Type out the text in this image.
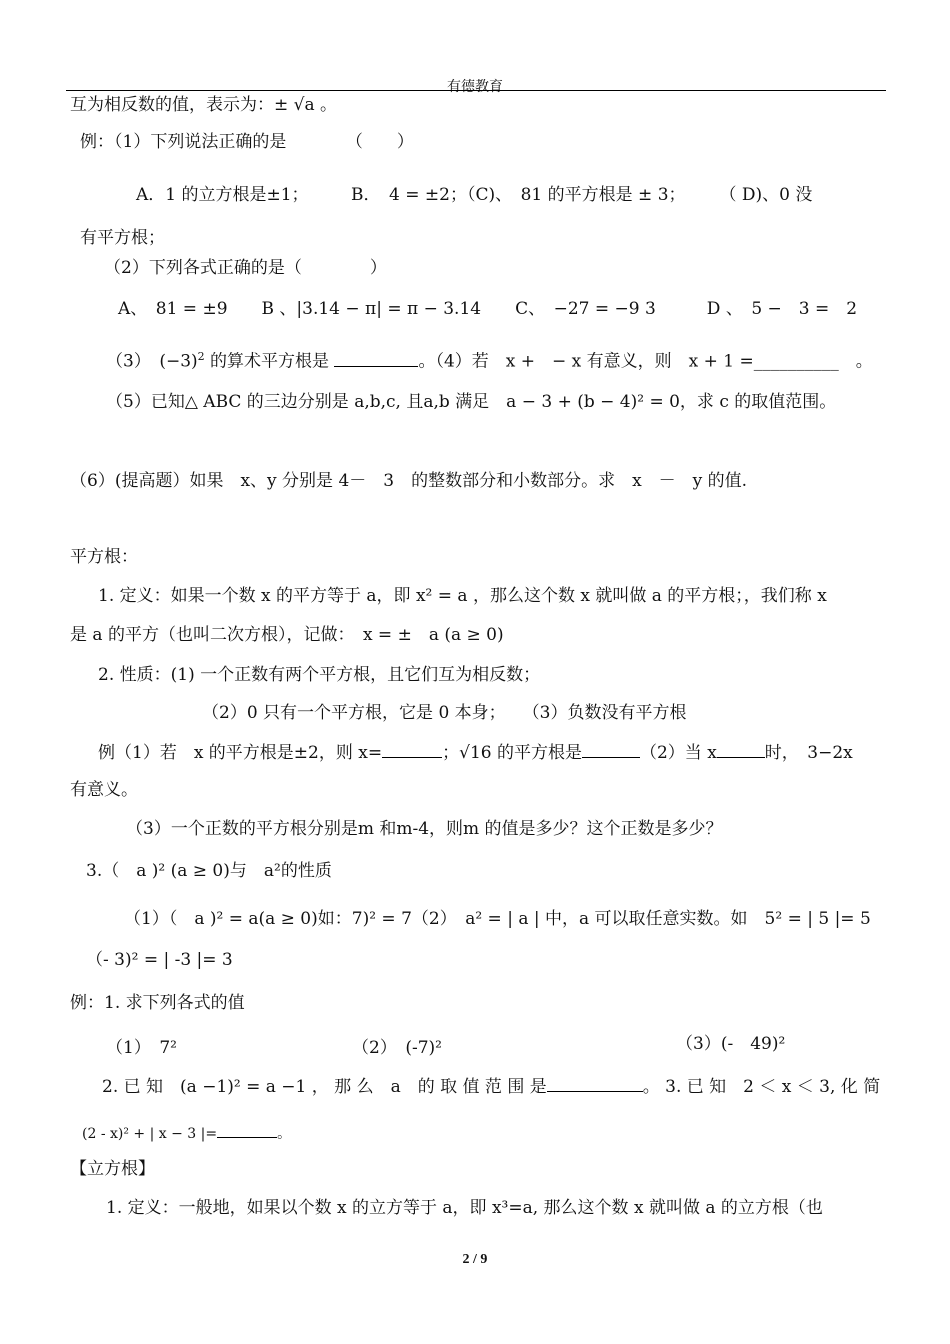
有德教育
互为相反数的值，表示为：± √a 。
例：（1）下列说法正确的是　　　　（　　）
A．1 的立方根是±1；　　　B．　4 = ±2；（C)、　81 的平方根是 ± 3；　　　（ D)、0 没
有平方根；
（2）下列各式正确的是（　　　　）
A、　81 = ±9　　B 、|3.14 − π| = π − 3.14　　C、　−27 = −9 3　　　D 、　5 −　3 =　2
（3）　$(-3)^2$ 的算术平方根是	。（4）若　x +　− x 有意义，则　x + 1 =__________　。
（5）已知△ ABC 的三边分别是 a,b,c, 且a,b 满足　a − 3 + (b − 4)² = 0，求 c 的取值范围。
（6）(提高题）如果　x、y 分别是 4－　3　的整数部分和小数部分。求　x　－　y 的值.
平方根：
1. 定义：如果一个数 x 的平方等于 a，即 x² = a ，那么这个数 x 就叫做 a 的平方根；，我们称 x
是 a 的平方（也叫二次方根），记做：　x = ±　a (a ≥ 0)
2. 性质：(1) 一个正数有两个平方根，且它们互为相反数；
（2）0 只有一个平方根，它是 0 本身；　　（3）负数没有平方根
例（1）若　x 的平方根是±2，则 x=	；√16 的平方根是	（2）当 x	时，　3−2x
有意义。
（3）一个正数的平方根分别是m 和m-4，则m 的值是多少？这个正数是多少？
3.（　a )² (a ≥ 0)与　a²的性质
（1）（　a )² = a(a ≥ 0)如：7)² = 7（2）　a² = | a | 中，a 可以取任意实数。如　5² = | 5 |= 5
（- 3)² = | -3 |= 3
例：1. 求下列各式的值
（1）　7²	（2）　(-7)²	（3）(-　49)²
2. 已 知　(a −1)² = a −1 ， 那 么　a　的 取 值 范 围 是	。 3. 已 知　2 ＜ x ＜ 3, 化 简
(2 - x)² + | x − 3 |=	。
【立方根】
1. 定义：一般地，如果以个数 x 的立方等于 a，即 x³=a, 那么这个数 x 就叫做 a 的立方根（也
2 / 9
